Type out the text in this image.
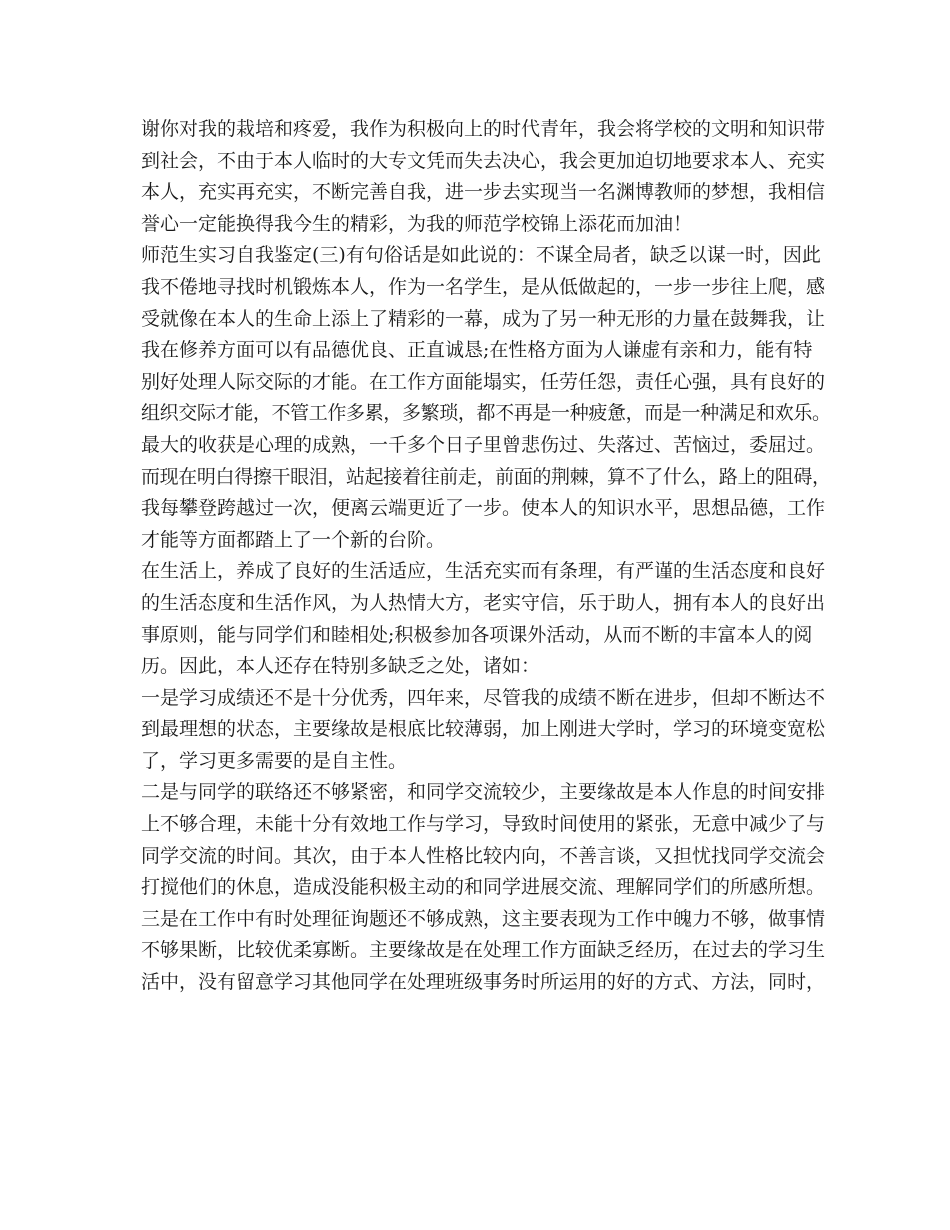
谢你对我的栽培和疼爱，我作为积极向上的时代青年，我会将学校的文明和知识带
到社会，不由于本人临时的大专文凭而失去决心，我会更加迫切地要求本人、充实
本人，充实再充实，不断完善自我，进一步去实现当一名渊博教师的梦想，我相信
誉心一定能换得我今生的精彩，为我的师范学校锦上添花而加油！
师范生实习自我鉴定(三)有句俗话是如此说的：不谋全局者，缺乏以谋一时，因此
我不倦地寻找时机锻炼本人，作为一名学生，是从低做起的，一步一步往上爬，感
受就像在本人的生命上添上了精彩的一幕，成为了另一种无形的力量在鼓舞我，让
我在修养方面可以有品德优良、正直诚恳;在性格方面为人谦虚有亲和力，能有特
别好处理人际交际的才能。在工作方面能塌实，任劳任怨，责任心强，具有良好的
组织交际才能，不管工作多累，多繁琐，都不再是一种疲惫，而是一种满足和欢乐。
最大的收获是心理的成熟，一千多个日子里曾悲伤过、失落过、苦恼过，委屈过。
而现在明白得擦干眼泪，站起接着往前走，前面的荆棘，算不了什么，路上的阻碍，
我每攀登跨越过一次，便离云端更近了一步。使本人的知识水平，思想品德，工作
才能等方面都踏上了一个新的台阶。
在生活上，养成了良好的生活适应，生活充实而有条理，有严谨的生活态度和良好
的生活态度和生活作风，为人热情大方，老实守信，乐于助人，拥有本人的良好出
事原则，能与同学们和睦相处;积极参加各项课外活动，从而不断的丰富本人的阅
历。因此，本人还存在特别多缺乏之处，诸如：
一是学习成绩还不是十分优秀，四年来，尽管我的成绩不断在进步，但却不断达不
到最理想的状态，主要缘故是根底比较薄弱，加上刚进大学时，学习的环境变宽松
了，学习更多需要的是自主性。
二是与同学的联络还不够紧密，和同学交流较少，主要缘故是本人作息的时间安排
上不够合理，未能十分有效地工作与学习，导致时间使用的紧张，无意中减少了与
同学交流的时间。其次，由于本人性格比较内向，不善言谈，又担忧找同学交流会
打搅他们的休息，造成没能积极主动的和同学进展交流、理解同学们的所感所想。
三是在工作中有时处理征询题还不够成熟，这主要表现为工作中魄力不够，做事情
不够果断，比较优柔寡断。主要缘故是在处理工作方面缺乏经历，在过去的学习生
活中，没有留意学习其他同学在处理班级事务时所运用的好的方式、方法，同时，
